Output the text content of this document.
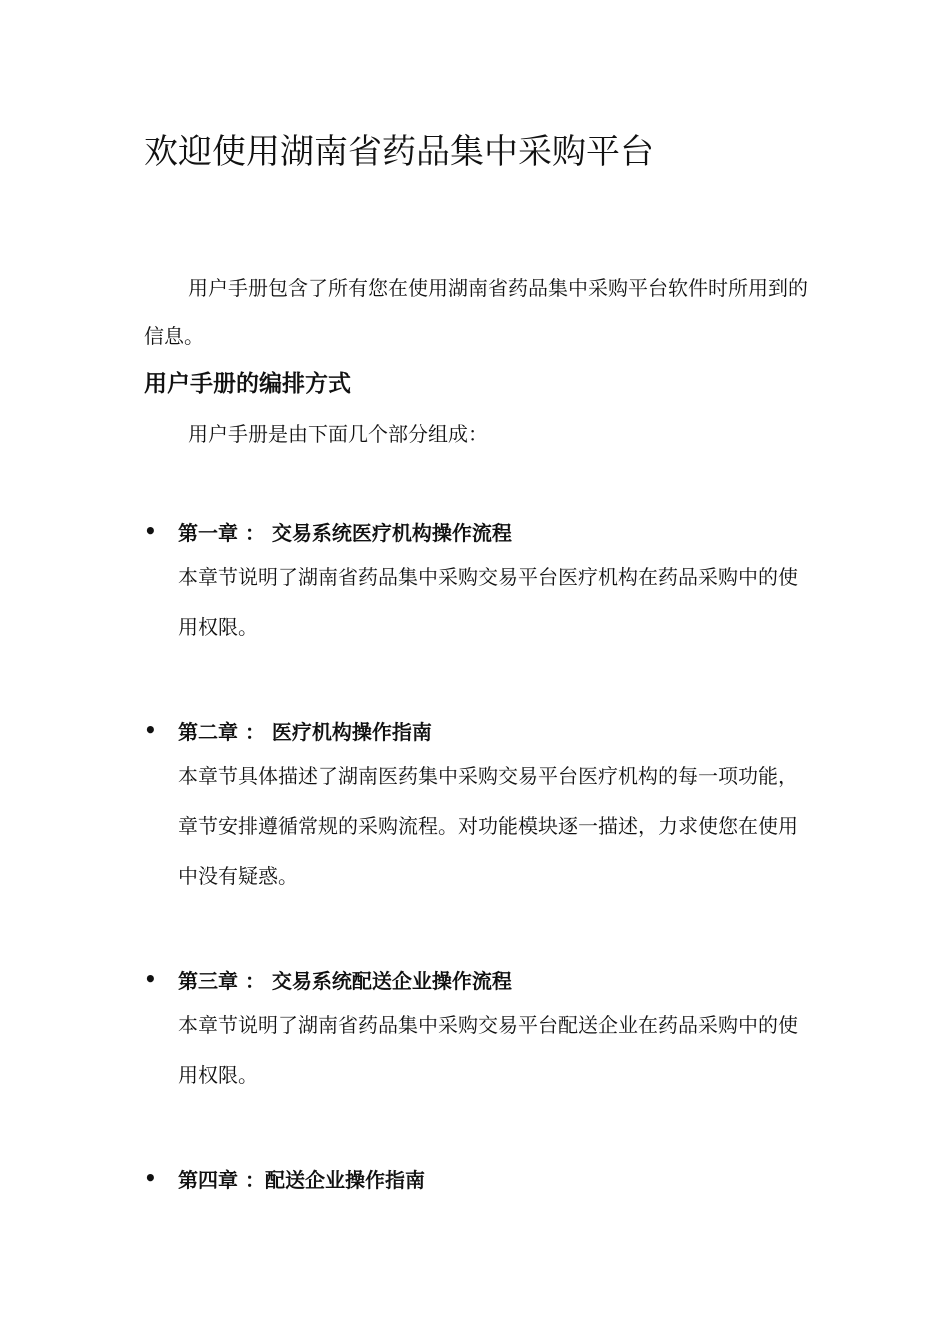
欢迎使用湖南省药品集中采购平台

用户手册包含了所有您在使用湖南省药品集中采购平台软件时所用到的信息。

用户手册的编排方式

用户手册是由下面几个部分组成：

•	第一章 ： 交易系统医疗机构操作流程
本章节说明了湖南省药品集中采购交易平台医疗机构在药品采购中的使用权限。
•	第二章 ： 医疗机构操作指南
本章节具体描述了湖南医药集中采购交易平台医疗机构的每一项功能，章节安排遵循常规的采购流程。对功能模块逐一描述，力求使您在使用中没有疑惑。
•	第三章 ： 交易系统配送企业操作流程
本章节说明了湖南省药品集中采购交易平台配送企业在药品采购中的使用权限。
•	第四章 ：配送企业操作指南
